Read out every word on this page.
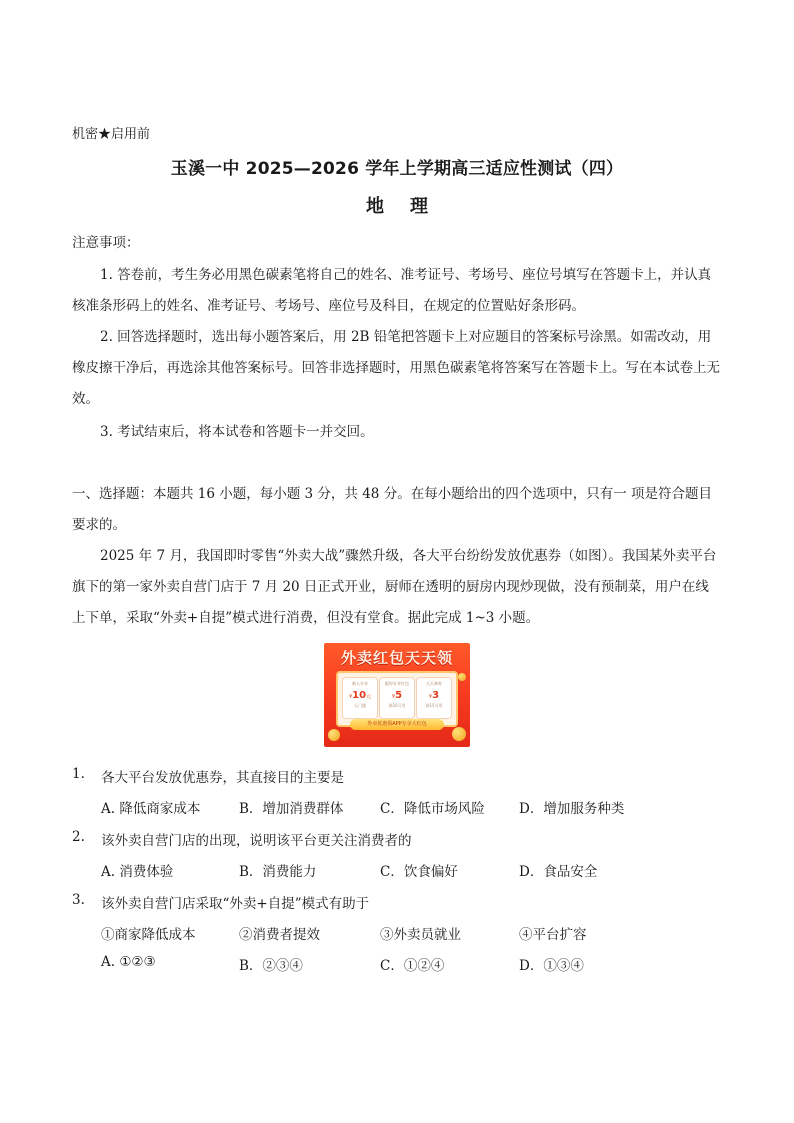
机密★启用前
玉溪一中 2025—2026 学年上学期高三适应性测试（四）
地理
注意事项：
1. 答卷前，考生务必用黑色碳素笔将自己的姓名、准考证号、考场号、座位号填写在答题卡上，并认真核准条形码上的姓名、准考证号、考场号、座位号及科目，在规定的位置贴好条形码。
2. 回答选择题时，选出每小题答案后，用 2B 铅笔把答题卡上对应题目的答案标号涂黑。如需改动，用橡皮擦干净后，再选涂其他答案标号。回答非选择题时，用黑色碳素笔将答案写在答题卡上。写在本试卷上无效。
3. 考试结束后，将本试卷和答题卡一并交回。
一、选择题：本题共 16 小题，每小题 3 分，共 48 分。在每小题给出的四个选项中，只有一 项是符合题目要求的。
2025 年 7 月，我国即时零售“外卖大战”骤然升级，各大平台纷纷发放优惠券（如图）。我国某外卖平台旗下的第一家外卖自营门店于 7 月 20 日正式开业，厨师在透明的厨房内现炒现做，没有预制菜，用户在线上下单，采取“外卖+自提”模式进行消费，但没有堂食。据此完成 1~3 小题。
外卖红包天天领
新人专享
¥10元
无门槛
限时专享红包
¥5
满20可用
天天神券
¥3
满15可用
外卖优惠领APP专享大红包
1. 各大平台发放优惠券，其直接目的主要是
A. 降低商家成本	B．增加消费群体	C．降低市场风险	D．增加服务种类
2. 该外卖自营门店的出现，说明该平台更关注消费者的
A. 消费体验	B．消费能力	C．饮食偏好	D．食品安全
3. 该外卖自营门店采取“外卖+自提”模式有助于
①商家降低成本	②消费者提效	③外卖员就业	④平台扩容
A. ①②③	B．②③④	C．①②④	D．①③④
